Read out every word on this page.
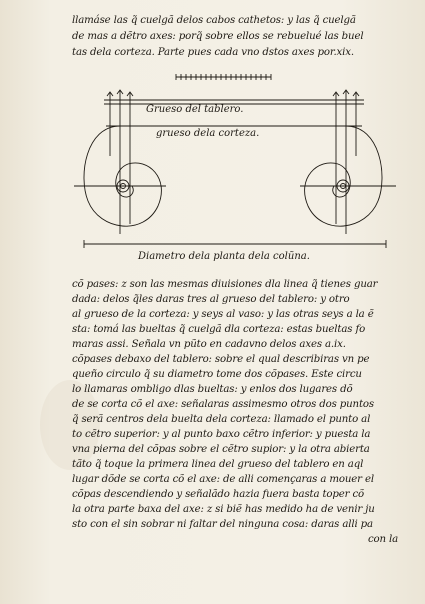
llamáse las q̃ cuelgã delos cabos cathetos: y las q̃ cuelgã
de mas a dẽtro axes: porq̃ sobre ellos se rebuelué las buel
tas dela corteza. Parte pues cada vno dstos axes por.xix.
Grueso del tablero.
grueso dela corteza.
Diametro dela planta dela colũna.
cõ pases: z son las mesmas diuisiones dla linea q̃ tienes guar
dada: delos q̃les daras tres al grueso del tablero: y otro
al grueso de la corteza: y seys al vaso: y las otras seys a la ẽ
sta: tomá las bueltas q̃ cuelgã dla corteza: estas bueltas fo
maras assi. Señala vn pũto en cadavno delos axes a.ix.
cõpases debaxo del tablero: sobre el qual describiras vn pe
queño circulo q̃ su diametro tome dos cõpases. Este circu
lo llamaras ombligo dlas bueltas: y enlos dos lugares dõ
de se corta cõ el axe: señalaras assimesmo otros dos puntos
q̃ serã centros dela buelta dela corteza: llamado el punto al
to cẽtro superior: y al punto baxo cẽtro inferior: y puesta la
vna pierna del cõpas sobre el cẽtro supior: y la otra abierta
tãto q̃ toque la primera linea del grueso del tablero en aql
lugar dõde se corta cõ el axe: de alli començaras a mouer el
cõpas descendiendo y señalãdo hazia fuera basta toper cõ
la otra parte baxa del axe: z si biẽ has medido ha de venir ju
sto con el sin sobrar ni faltar del ninguna cosa: daras alli pa
con la
